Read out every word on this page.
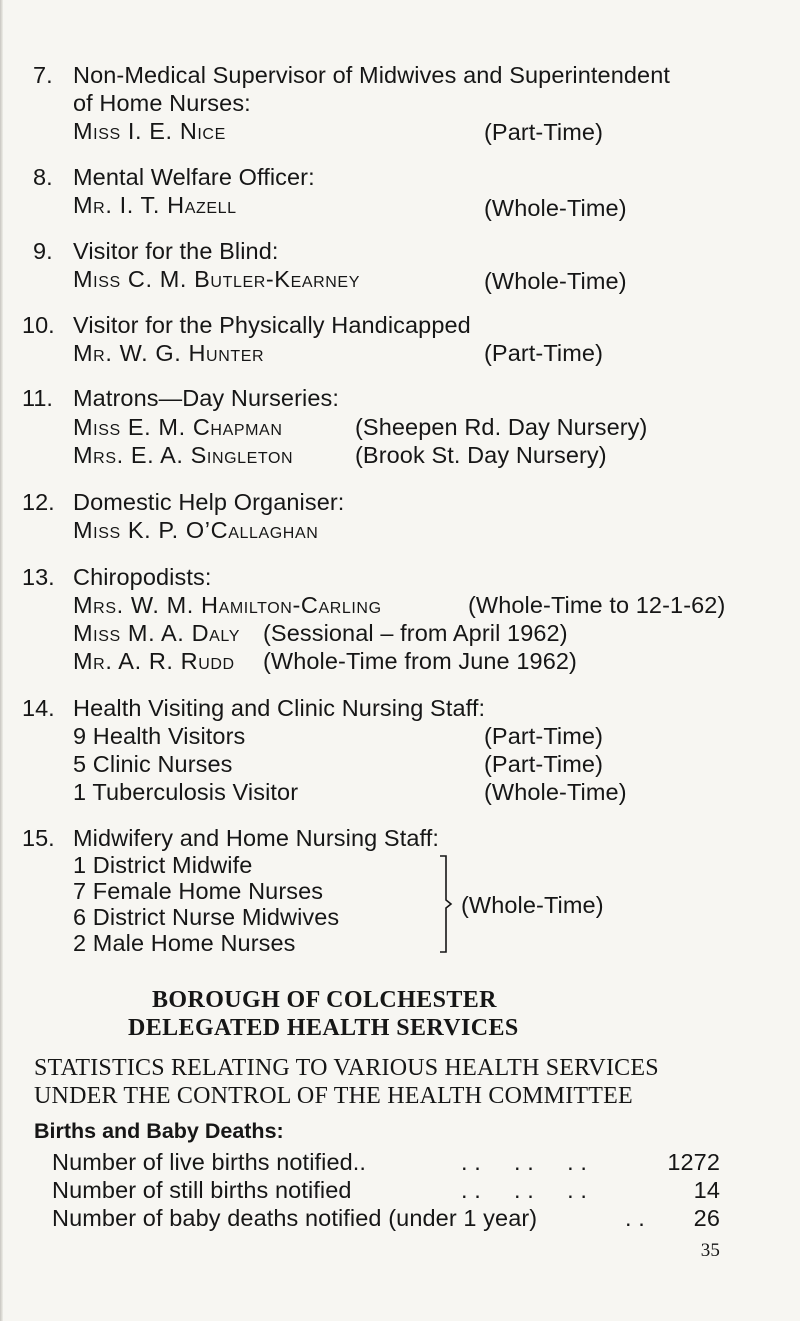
7. Non-Medical Supervisor of Midwives and Superintendent
of Home Nurses:
Miss I. E. Nice	(Part-Time)
8. Mental Welfare Officer:
Mr. I. T. Hazell	(Whole-Time)
9. Visitor for the Blind:
Miss C. M. Butler-Kearney	(Whole-Time)
10. Visitor for the Physically Handicapped
Mr. W. G. Hunter	(Part-Time)
11. Matrons—Day Nurseries:
Miss E. M. Chapman	(Sheepen Rd. Day Nursery)
Mrs. E. A. Singleton	(Brook St. Day Nursery)
12. Domestic Help Organiser:
Miss K. P. O’Callaghan
13. Chiropodists:
Mrs. W. M. Hamilton-Carling	(Whole-Time to 12-1-62)
Miss M. A. Daly (Sessional – from April 1962)
Mr. A. R. Rudd (Whole-Time from June 1962)
14. Health Visiting and Clinic Nursing Staff:
9 Health Visitors	(Part-Time)
5 Clinic Nurses	(Part-Time)
1 Tuberculosis Visitor	(Whole-Time)
15. Midwifery and Home Nursing Staff:
1 District Midwife
7 Female Home Nurses
6 District Nurse Midwives
2 Male Home Nurses
(Whole-Time)
BOROUGH OF COLCHESTER
DELEGATED HEALTH SERVICES
STATISTICS RELATING TO VARIOUS HEALTH SERVICES
UNDER THE CONTROL OF THE HEALTH COMMITTEE
Births and Baby Deaths:
Number of live births notified..	. .     . .     . .	1272
Number of still births notified	. .     . .     . .	14
Number of baby deaths notified (under 1 year)	. .	26
35
